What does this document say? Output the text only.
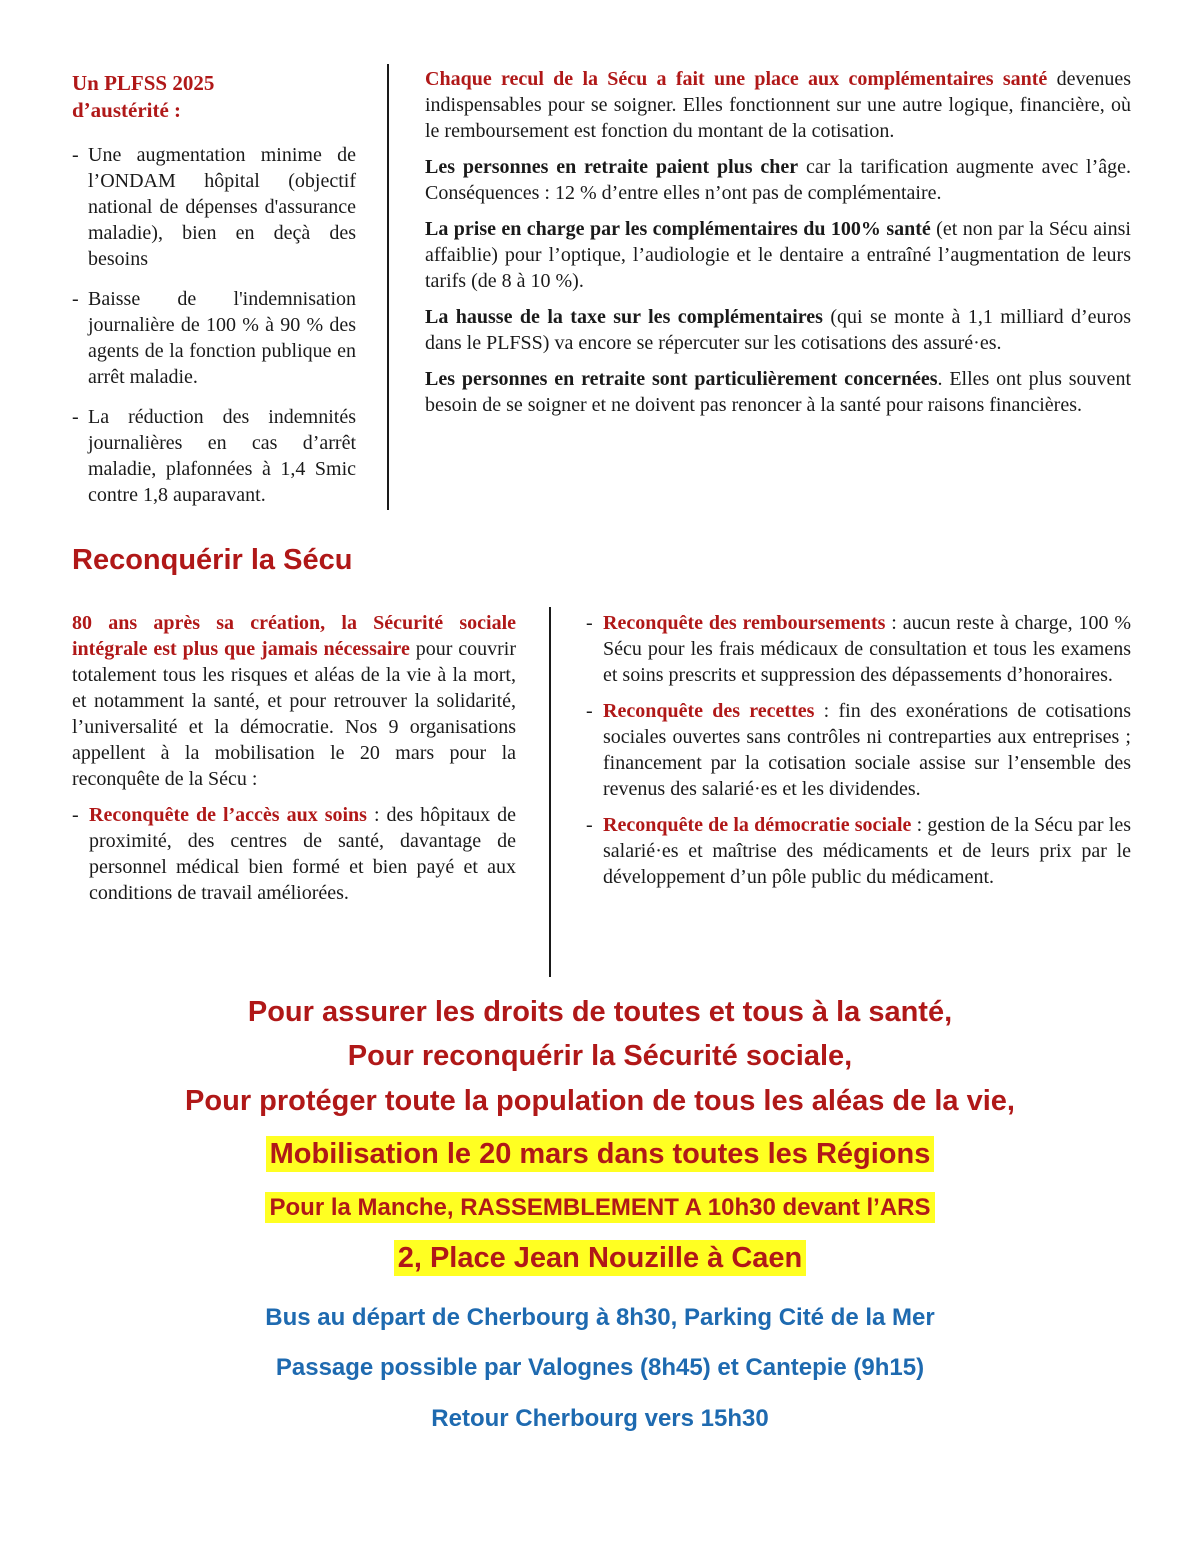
Un PLFSS 2025
d’austérité :
- Une augmentation minime de l’ONDAM hôpital (objectif national de dépenses d'assurance maladie), bien en deçà des besoins
- Baisse de l'indemnisation journalière de 100 % à 90 % des agents de la fonction publique en arrêt maladie.
- La réduction des indemnités journalières en cas d’arrêt maladie, plafonnées à 1,4 Smic contre 1,8 auparavant.

Chaque recul de la Sécu a fait une place aux complémentaires santé devenues indispensables pour se soigner. Elles fonctionnent sur une autre logique, financière, où le remboursement est fonction du montant de la cotisation.

Les personnes en retraite paient plus cher car la tarification augmente avec l’âge. Conséquences : 12 % d’entre elles n’ont pas de complémentaire.

La prise en charge par les complémentaires du 100% santé (et non par la Sécu ainsi affaiblie) pour l’optique, l’audiologie et le dentaire a entraîné l’augmentation de leurs tarifs (de 8 à 10 %).

La hausse de la taxe sur les complémentaires (qui se monte à 1,1 milliard d’euros dans le PLFSS) va encore se répercuter sur les cotisations des assuré·es.

Les personnes en retraite sont particulièrement concernées. Elles ont plus souvent besoin de se soigner et ne doivent pas renoncer à la santé pour raisons financières.

Reconquérir la Sécu

80 ans après sa création, la Sécurité sociale intégrale est plus que jamais nécessaire pour couvrir totalement tous les risques et aléas de la vie à la mort, et notamment la santé, et pour retrouver la solidarité, l’universalité et la démocratie. Nos 9 organisations appellent à la mobilisation le 20 mars pour la reconquête de la Sécu :

- Reconquête de l’accès aux soins : des hôpitaux de proximité, des centres de santé, davantage de personnel médical bien formé et bien payé et aux conditions de travail améliorées.
- Reconquête des remboursements : aucun reste à charge, 100 % Sécu pour les frais médicaux de consultation et tous les examens et soins prescrits et suppression des dépassements d’honoraires.
- Reconquête des recettes : fin des exonérations de cotisations sociales ouvertes sans contrôles ni contreparties aux entreprises ; financement par la cotisation sociale assise sur l’ensemble des revenus des salarié·es et les dividendes.
- Reconquête de la démocratie sociale : gestion de la Sécu par les salarié·es et maîtrise des médicaments et de leurs prix par le développement d’un pôle public du médicament.
Pour assurer les droits de toutes et tous à la santé,
Pour reconquérir la Sécurité sociale,
Pour protéger toute la population de tous les aléas de la vie,
Mobilisation le 20 mars dans toutes les Régions
Pour la Manche, RASSEMBLEMENT A 10h30 devant l’ARS
2, Place Jean Nouzille à Caen
Bus au départ de Cherbourg à 8h30, Parking Cité de la Mer
Passage possible par Valognes (8h45) et Cantepie (9h15)
Retour Cherbourg vers 15h30
